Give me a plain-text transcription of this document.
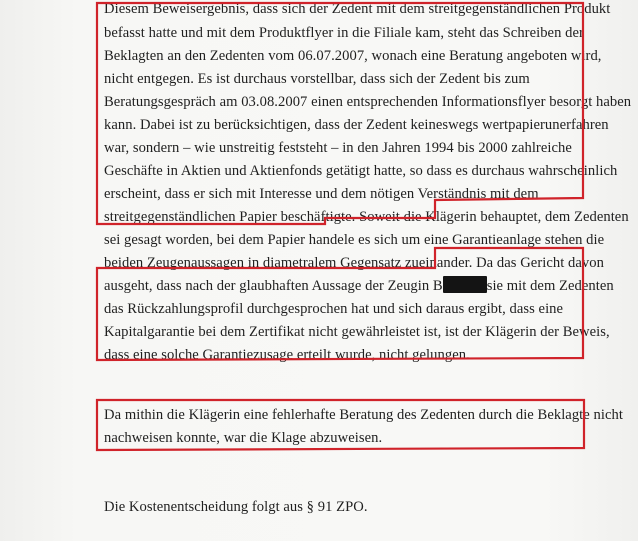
Diesem Beweisergebnis, dass sich der Zedent mit dem streitgegenständlichen Produkt
befasst hatte und mit dem Produktflyer in die Filiale kam, steht das Schreiben der
Beklagten an den Zedenten vom 06.07.2007, wonach eine Beratung angeboten wird,
nicht entgegen. Es ist durchaus vorstellbar, dass sich der Zedent bis zum
Beratungsgespräch am 03.08.2007 einen entsprechenden Informationsflyer besorgt haben
kann. Dabei ist zu berücksichtigen, dass der Zedent keineswegs wertpapierunerfahren
war, sondern – wie unstreitig feststeht – in den Jahren 1994 bis 2000 zahlreiche
Geschäfte in Aktien und Aktienfonds getätigt hatte, so dass es durchaus wahrscheinlich
erscheint, dass er sich mit Interesse und dem nötigen Verständnis mit dem
streitgegenständlichen Papier beschäftigte. Soweit die Klägerin behauptet, dem Zedenten
sei gesagt worden, bei dem Papier handele es sich um eine Garantieanlage stehen die
beiden Zeugenaussagen in diametralem Gegensatz zueinander. Da das Gericht davon
ausgeht, dass nach der glaubhaften Aussage der Zeugin B	sie mit dem Zedenten
das Rückzahlungsprofil durchgesprochen hat und sich daraus ergibt, dass eine
Kapitalgarantie bei dem Zertifikat nicht gewährleistet ist, ist der Klägerin der Beweis,
dass eine solche Garantiezusage erteilt wurde, nicht gelungen.
Da mithin die Klägerin eine fehlerhafte Beratung des Zedenten durch die Beklagte nicht
nachweisen konnte, war die Klage abzuweisen.
Die Kostenentscheidung folgt aus § 91 ZPO.
